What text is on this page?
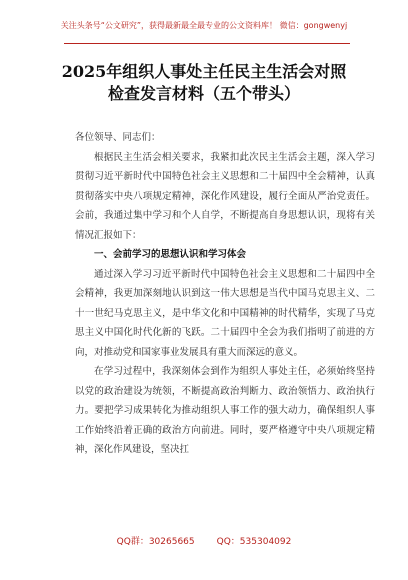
关注头条号“公文研究”，获得最新最全最专业的公文资料库！ 微信：gongwenyj
2025年组织人事处主任民主生活会对照
检查发言材料（五个带头）

各位领导、同志们：

根据民主生活会相关要求，我紧扣此次民主生活会主题，深入学习贯彻习近平新时代中国特色社会主义思想和二十届四中全会精神，认真贯彻落实中央八项规定精神，深化作风建设，履行全面从严治党责任。会前，我通过集中学习和个人自学，不断提高自身思想认识，现将有关情况汇报如下：

一、会前学习的思想认识和学习体会

通过深入学习习近平新时代中国特色社会主义思想和二十届四中全会精神，我更加深刻地认识到这一伟大思想是当代中国马克思主义、二十一世纪马克思主义，是中华文化和中国精神的时代精华，实现了马克思主义中国化时代化新的飞跃。二十届四中全会为我们指明了前进的方向，对推动党和国家事业发展具有重大而深远的意义。

在学习过程中，我深刻体会到作为组织人事处主任，必须始终坚持以党的政治建设为统领，不断提高政治判断力、政治领悟力、政治执行力。要把学习成果转化为推动组织人事工作的强大动力，确保组织人事工作始终沿着正确的政治方向前进。同时，要严格遵守中央八项规定精神，深化作风建设，坚决扛

QQ群：30265665 QQ：535304092
